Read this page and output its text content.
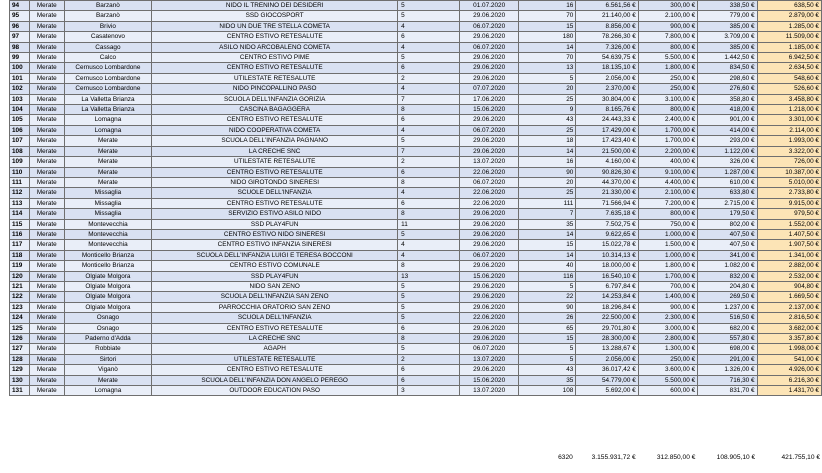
94	Merate	Barzanò	NIDO IL TRENINO DEI DESIDERI	5	01.07.2020	16	6.561,56 €	300,00 €	338,50 €	638,50 €
95	Merate	Barzanò	SSD GIOCOSPORT	5	29.06.2020	70	21.140,00 €	2.100,00 €	779,00 €	2.879,00 €
96	Merate	Brivio	NIDO UN DUE TRE STELLA COMETA	4	06.07.2020	15	8.856,00 €	900,00 €	385,00 €	1.285,00 €
97	Merate	Casatenovo	CENTRO ESTIVO RETESALUTE	6	29.06.2020	180	78.266,30 €	7.800,00 €	3.709,00 €	11.509,00 €
98	Merate	Cassago	ASILO NIDO ARCOBALENO COMETA	4	06.07.2020	14	7.326,00 €	800,00 €	385,00 €	1.185,00 €
99	Merate	Calco	CENTRO ESTIVO PIME	5	29.06.2020	70	54.639,75 €	5.500,00 €	1.442,50 €	6.942,50 €
100	Merate	Cernusco Lombardone	CENTRO ESTIVO RETESALUTE	6	29.06.2020	13	18.135,10 €	1.800,00 €	834,50 €	2.634,50 €
101	Merate	Cernusco Lombardone	UTILESTATE RETESALUTE	2	29.06.2020	5	2.056,00 €	250,00 €	298,60 €	548,60 €
102	Merate	Cernusco Lombardone	NIDO PINCOPALLINO PASO	4	07.07.2020	20	2.370,00 €	250,00 €	276,60 €	526,60 €
103	Merate	La Valletta Brianza	SCUOLA DELL'INFANZIA GORIZIA	7	17.06.2020	25	30.804,00 €	3.100,00 €	358,80 €	3.458,80 €
104	Merate	La Valletta Brianza	CASCINA BAGAGGERA	8	15.06.2020	9	8.165,76 €	800,00 €	418,00 €	1.218,00 €
105	Merate	Lomagna	CENTRO ESTIVO RETESALUTE	6	29.06.2020	43	24.443,33 €	2.400,00 €	901,00 €	3.301,00 €
106	Merate	Lomagna	NIDO COOPERATIVA COMETA	4	06.07.2020	25	17.429,00 €	1.700,00 €	414,00 €	2.114,00 €
107	Merate	Merate	SCUOLA DELL'INFANZIA PAGNANO	5	29.06.2020	18	17.423,40 €	1.700,00 €	293,00 €	1.993,00 €
108	Merate	Merate	LA CRECHE SNC	7	29.06.2020	14	21.500,00 €	2.200,00 €	1.122,00 €	3.322,00 €
109	Merate	Merate	UTILESTATE RETESALUTE	2	13.07.2020	16	4.160,00 €	400,00 €	326,00 €	726,00 €
110	Merate	Merate	CENTRO ESTIVO RETESALUTE	6	22.06.2020	90	90.826,30 €	9.100,00 €	1.287,00 €	10.387,00 €
111	Merate	Merate	NIDO GIROTONDO SINERESI	8	06.07.2020	20	44.370,00 €	4.400,00 €	610,00 €	5.010,00 €
112	Merate	Missaglia	SCUOLE DELL'INFANZIA	4	22.06.2020	25	21.330,00 €	2.100,00 €	633,80 €	2.733,80 €
113	Merate	Missaglia	CENTRO ESTIVO RETESALUTE	6	22.06.2020	111	71.566,94 €	7.200,00 €	2.715,00 €	9.915,00 €
114	Merate	Missaglia	SERVIZIO ESTIVO ASILO NIDO	8	29.06.2020	7	7.635,18 €	800,00 €	179,50 €	979,50 €
115	Merate	Montevecchia	SSD PLAY4FUN	11	29.06.2020	35	7.502,75 €	750,00 €	802,00 €	1.552,00 €
116	Merate	Montevecchia	CENTRO ESTIVO NIDO SINERESI	5	29.06.2020	14	9.622,65 €	1.000,00 €	407,50 €	1.407,50 €
117	Merate	Montevecchia	CENTRO ESTIVO INFANZIA SINERESI	4	29.06.2020	15	15.022,78 €	1.500,00 €	407,50 €	1.907,50 €
118	Merate	Monticello Brianza	SCUOLA DELL'INFANZIA LUIGI E TERESA BOCCONI	4	06.07.2020	14	10.314,13 €	1.000,00 €	341,00 €	1.341,00 €
119	Merate	Monticello Brianza	CENTRO ESTIVO COMUNALE	8	29.06.2020	40	18.000,00 €	1.800,00 €	1.082,00 €	2.882,00 €
120	Merate	Olgiate Molgora	SSD PLAY4FUN	13	15.06.2020	116	16.540,10 €	1.700,00 €	832,00 €	2.532,00 €
121	Merate	Olgiate Molgora	NIDO SAN ZENO	5	29.06.2020	5	6.797,84 €	700,00 €	204,80 €	904,80 €
122	Merate	Olgiate Molgora	SCUOLA DELL'INFANZIA SAN ZENO	5	29.06.2020	22	14.253,84 €	1.400,00 €	269,50 €	1.669,50 €
123	Merate	Olgiate Molgora	PARROCCHIA ORATORIO SAN ZENO	5	29.06.2020	90	18.296,84 €	900,00 €	1.237,00 €	2.137,00 €
124	Merate	Osnago	SCUOLA DELL'INFANZIA	5	22.06.2020	26	22.500,00 €	2.300,00 €	516,50 €	2.816,50 €
125	Merate	Osnago	CENTRO ESTIVO RETESALUTE	6	29.06.2020	65	29.701,80 €	3.000,00 €	682,00 €	3.682,00 €
126	Merate	Paderno d'Adda	LA CRECHE SNC	8	29.06.2020	15	28.300,00 €	2.800,00 €	557,80 €	3.357,80 €
127	Merate	Robbiate	AGAPH	5	06.07.2020	5	13.288,67 €	1.300,00 €	698,00 €	1.998,00 €
128	Merate	Sirtori	UTILESTATE RETESALUTE	2	13.07.2020	5	2.056,00 €	250,00 €	291,00 €	541,00 €
129	Merate	Viganò	CENTRO ESTIVO RETESALUTE	6	29.06.2020	43	36.017,42 €	3.600,00 €	1.326,00 €	4.926,00 €
130	Merate	Merate	SCUOLA DELL'INFANZIA DON ANGELO PEREGO	6	15.06.2020	35	54.779,00 €	5.500,00 €	716,30 €	6.216,30 €
131	Merate	Lomagna	OUTDOOR EDUCATION PASO	3	13.07.2020	108	5.692,00 €	600,00 €	831,70 €	1.431,70 €
						6320	3.155.931,72 €	312.850,00 €	108.905,10 €	421.755,10 €
